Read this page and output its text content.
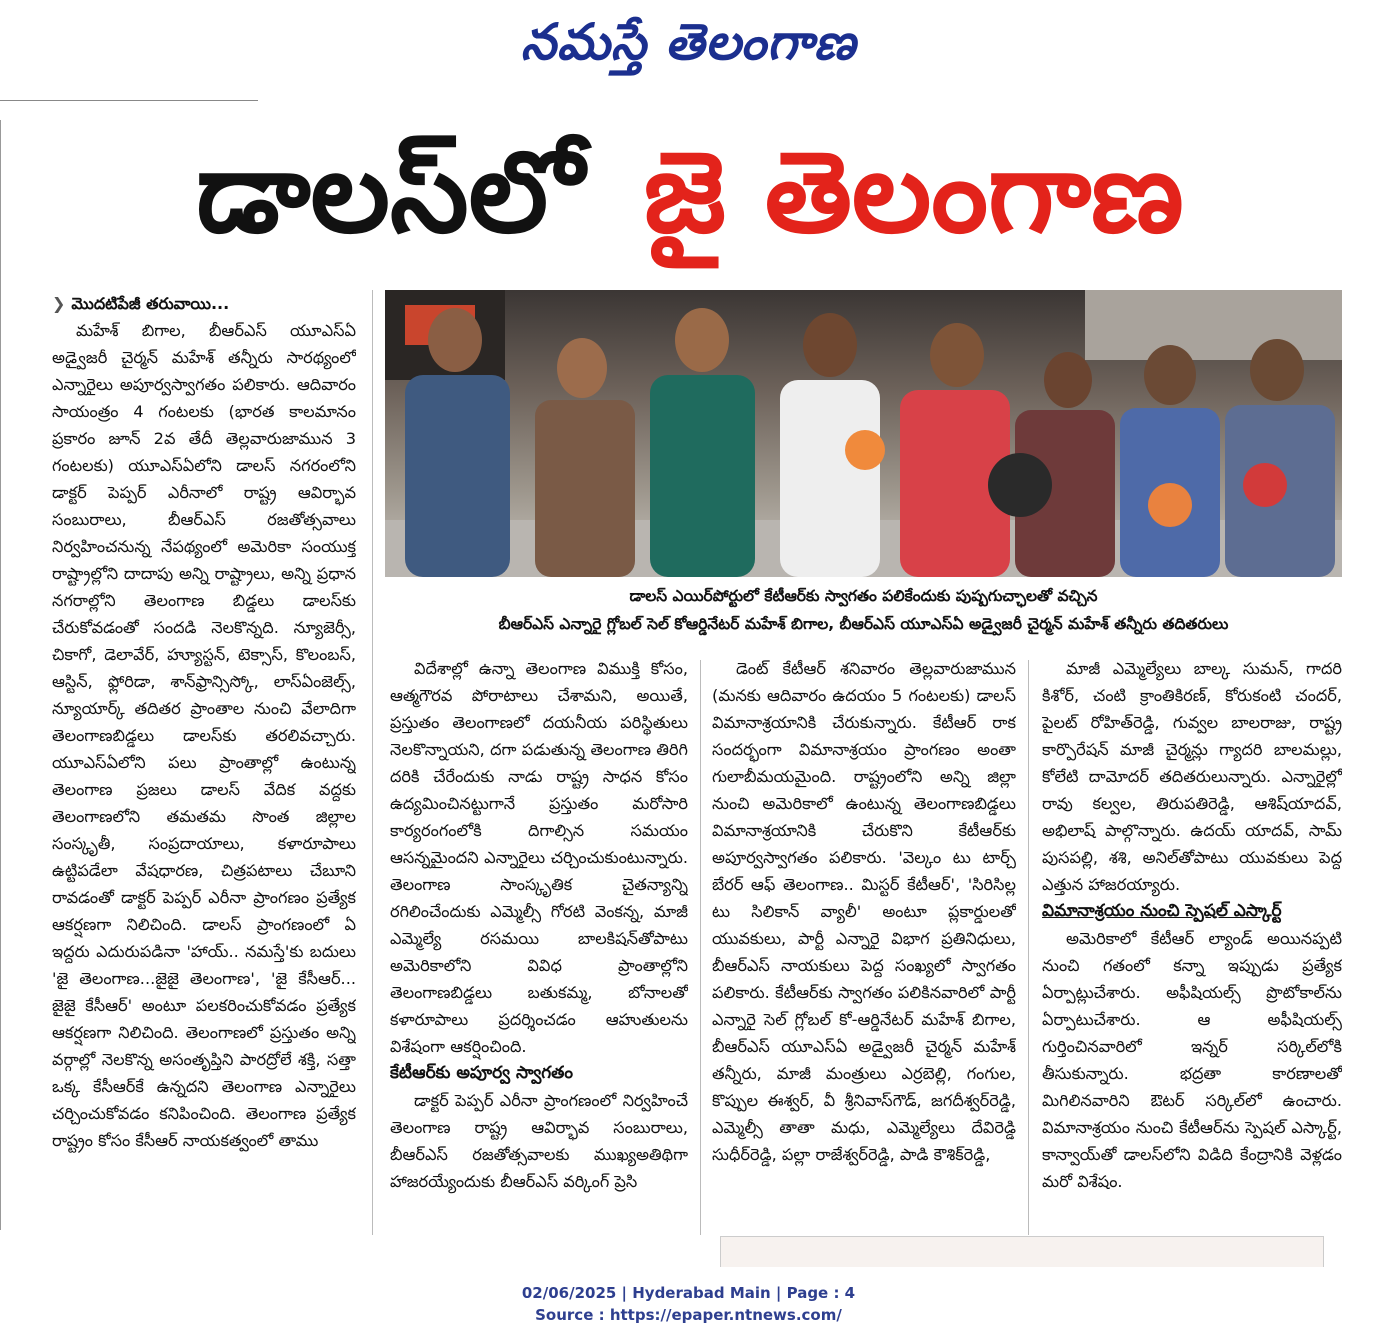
నమస్తే తెలంగాణ
డాలస్‌లో జై తెలంగాణ

❯ మొదటిపేజీ తరువాయి...

మహేశ్ బిగాల, బీఆర్ఎస్ యూఎస్ఏ అడ్వైజరీ చైర్మన్ మహేశ్ తన్నీరు సారథ్యంలో ఎన్నారైలు అపూర్వస్వాగతం పలికారు. ఆదివారం సాయంత్రం 4 గంటలకు (భారత కాలమానం ప్రకారం జూన్ 2వ తేదీ తెల్లవారుజామున 3 గంటలకు) యూఎస్ఏలోని డాలస్ నగరంలోని డాక్టర్ పెప్పర్ ఎరీనాలో రాష్ట్ర ఆవిర్భావ సంబురాలు, బీఆర్ఎస్ రజతోత్సవాలు నిర్వహించనున్న నేపథ్యంలో అమెరికా సంయుక్త రాష్ట్రాల్లోని దాదాపు అన్ని రాష్ట్రాలు, అన్ని ప్రధాన నగరాల్లోని తెలంగాణ బిడ్డలు డాలస్‌కు చేరుకోవడంతో సందడి నెలకొన్నది. న్యూజెర్సీ, చికాగో, డెలావేర్, హ్యూస్టన్, టెక్సాస్, కొలంబస్, ఆస్టిన్, ఫ్లోరిడా, శాన్‌ఫ్రాన్సిస్కో, లాస్‌ఏంజెల్స్, న్యూయార్క్ తదితర ప్రాంతాల నుంచి వేలాదిగా తెలంగాణబిడ్డలు డాలస్‌కు తరలివచ్చారు. యూఎస్ఏలోని పలు ప్రాంతాల్లో ఉంటున్న తెలంగాణ ప్రజలు డాలస్ వేదిక వద్దకు తెలంగాణలోని తమతమ సొంత జిల్లాల సంస్కృతీ, సంప్రదాయాలు, కళారూపాలు ఉట్టిపడేలా వేషధారణ, చిత్రపటాలు చేబూని రావడంతో డాక్టర్ పెప్పర్ ఎరీనా ప్రాంగణం ప్రత్యేక ఆకర్షణగా నిలిచింది. డాలస్ ప్రాంగణంలో ఏ ఇద్దరు ఎదురుపడినా 'హాయ్.. నమస్తే'కు బదులు 'జై తెలంగాణ...జైజై తెలంగాణ', 'జై కేసీఆర్... జైజై కేసీఆర్' అంటూ పలకరించుకోవడం ప్రత్యేక ఆకర్షణగా నిలిచింది. తెలంగాణలో ప్రస్తుతం అన్ని వర్గాల్లో నెలకొన్న అసంతృప్తిని పారద్రోలే శక్తి, సత్తా ఒక్క కేసీఆర్‌కే ఉన్నదని తెలంగాణ ఎన్నారైలు చర్చించుకోవడం కనిపించింది. తెలంగాణ ప్రత్యేక రాష్ట్రం కోసం కేసీఆర్ నాయకత్వంలో తాము

డాలస్ ఎయిర్‌పోర్టులో కేటీఆర్‌కు స్వాగతం పలికేందుకు పుష్పగుచ్ఛాలతో వచ్చిన
బీఆర్ఎస్ ఎన్నారై గ్లోబల్ సెల్ కోఆర్డినేటర్ మహేశ్ బిగాల, బీఆర్ఎస్ యూఎస్ఏ అడ్వైజరీ చైర్మన్ మహేశ్ తన్నీరు తదితరులు

విదేశాల్లో ఉన్నా తెలంగాణ విముక్తి కోసం, ఆత్మగౌరవ పోరాటాలు చేశామని, అయితే, ప్రస్తుతం తెలంగాణలో దయనీయ పరిస్థితులు నెలకొన్నాయని, దగా పడుతున్న తెలంగాణ తిరిగి దరికి చేరేందుకు నాడు రాష్ట్ర సాధన కోసం ఉద్యమించినట్టుగానే ప్రస్తుతం మరోసారి కార్యరంగంలోకి దిగాల్సిన సమయం ఆసన్నమైందని ఎన్నారైలు చర్చించుకుంటున్నారు. తెలంగాణ సాంస్కృతిక చైతన్యాన్ని రగిలించేందుకు ఎమ్మెల్సీ గోరటి వెంకన్న, మాజీ ఎమ్మెల్యే రసమయి బాలకిషన్‌తోపాటు అమెరికాలోని వివిధ ప్రాంతాల్లోని తెలంగాణబిడ్డలు బతుకమ్మ, బోనాలతో కళారూపాలు ప్రదర్శించడం ఆహుతులను విశేషంగా ఆకర్షించింది.

కేటీఆర్‌కు అపూర్వ స్వాగతం

డాక్టర్ పెప్పర్ ఎరీనా ప్రాంగణంలో నిర్వహించే తెలంగాణ రాష్ట్ర ఆవిర్భావ సంబురాలు, బీఆర్ఎస్ రజతోత్సవాలకు ముఖ్యఅతిథిగా హాజరయ్యేందుకు బీఆర్ఎస్ వర్కింగ్ ప్రెసి

డెంట్ కేటీఆర్ శనివారం తెల్లవారుజామున (మనకు ఆదివారం ఉదయం 5 గంటలకు) డాలస్ విమానాశ్రయానికి చేరుకున్నారు. కేటీఆర్ రాక సందర్భంగా విమానాశ్రయం ప్రాంగణం అంతా గులాబీమయమైంది. రాష్ట్రంలోని అన్ని జిల్లా నుంచి అమెరికాలో ఉంటున్న తెలంగాణబిడ్డలు విమానాశ్రయానికి చేరుకొని కేటీఆర్‌కు అపూర్వస్వాగతం పలికారు. 'వెల్కం టు టార్చ్ బేరర్ ఆఫ్ తెలంగాణ.. మిస్టర్ కేటీఆర్', 'సిరిసిల్ల టు సిలికాన్ వ్యాలీ' అంటూ ప్లకార్డులతో యువకులు, పార్టీ ఎన్నారై విభాగ ప్రతినిధులు, బీఆర్ఎస్ నాయకులు పెద్ద సంఖ్యలో స్వాగతం పలికారు. కేటీఆర్‌కు స్వాగతం పలికినవారిలో పార్టీ ఎన్నారై సెల్ గ్లోబల్ కో-ఆర్డినేటర్ మహేశ్ బిగాల, బీఆర్ఎస్ యూఎస్ఏ అడ్వైజరీ చైర్మన్ మహేశ్ తన్నీరు, మాజీ మంత్రులు ఎర్రబెల్లి, గంగుల, కొప్పుల ఈశ్వర్, వీ శ్రీనివాస్‌గౌడ్, జగదీశ్వర్‌రెడ్డి, ఎమ్మెల్సీ తాతా మధు, ఎమ్మెల్యేలు దేవిరెడ్డి సుధీర్‌రెడ్డి, పల్లా రాజేశ్వర్‌రెడ్డి, పాడి కౌశిక్‌రెడ్డి,

మాజీ ఎమ్మెల్యేలు బాల్క సుమన్, గాదరి కిశోర్, చంటి క్రాంతికిరణ్, కోరుకంటి చందర్, పైలట్ రోహిత్‌రెడ్డి, గువ్వల బాలరాజు, రాష్ట్ర కార్పొరేషన్ మాజీ చైర్మన్లు గ్యాదరి బాలమల్లు, కోలేటి దామోదర్ తదితరులున్నారు. ఎన్నారైల్లో రావు కల్వల, తిరుపతిరెడ్డి, ఆశిష్‌యాదవ్, అభిలాష్ పాల్గొన్నారు. ఉదయ్ యాదవ్, సామ్ పుసపల్లి, శశి, అనిల్‌తోపాటు యువకులు పెద్ద ఎత్తున హాజరయ్యారు.

విమానాశ్రయం నుంచి స్పెషల్ ఎస్కార్ట్

అమెరికాలో కేటీఆర్ ల్యాండ్ అయినప్పటి నుంచి గతంలో కన్నా ఇప్పుడు ప్రత్యేక ఏర్పాట్లుచేశారు. అఫీషియల్స్ ప్రొటోకాల్‌ను ఏర్పాటుచేశారు. ఆ అఫీషియల్స్ గుర్తించినవారిలో ఇన్నర్ సర్కిల్‌లోకి తీసుకున్నారు. భద్రతా కారణాలతో మిగిలినవారిని ఔటర్ సర్కిల్‌లో ఉంచారు. విమానాశ్రయం నుంచి కేటీఆర్‌ను స్పెషల్ ఎస్కార్ట్, కాన్వాయ్‌తో డాలస్‌లోని విడిది కేంద్రానికి వెళ్లడం మరో విశేషం.

02/06/2025 | Hyderabad Main | Page : 4
Source : https://epaper.ntnews.com/
